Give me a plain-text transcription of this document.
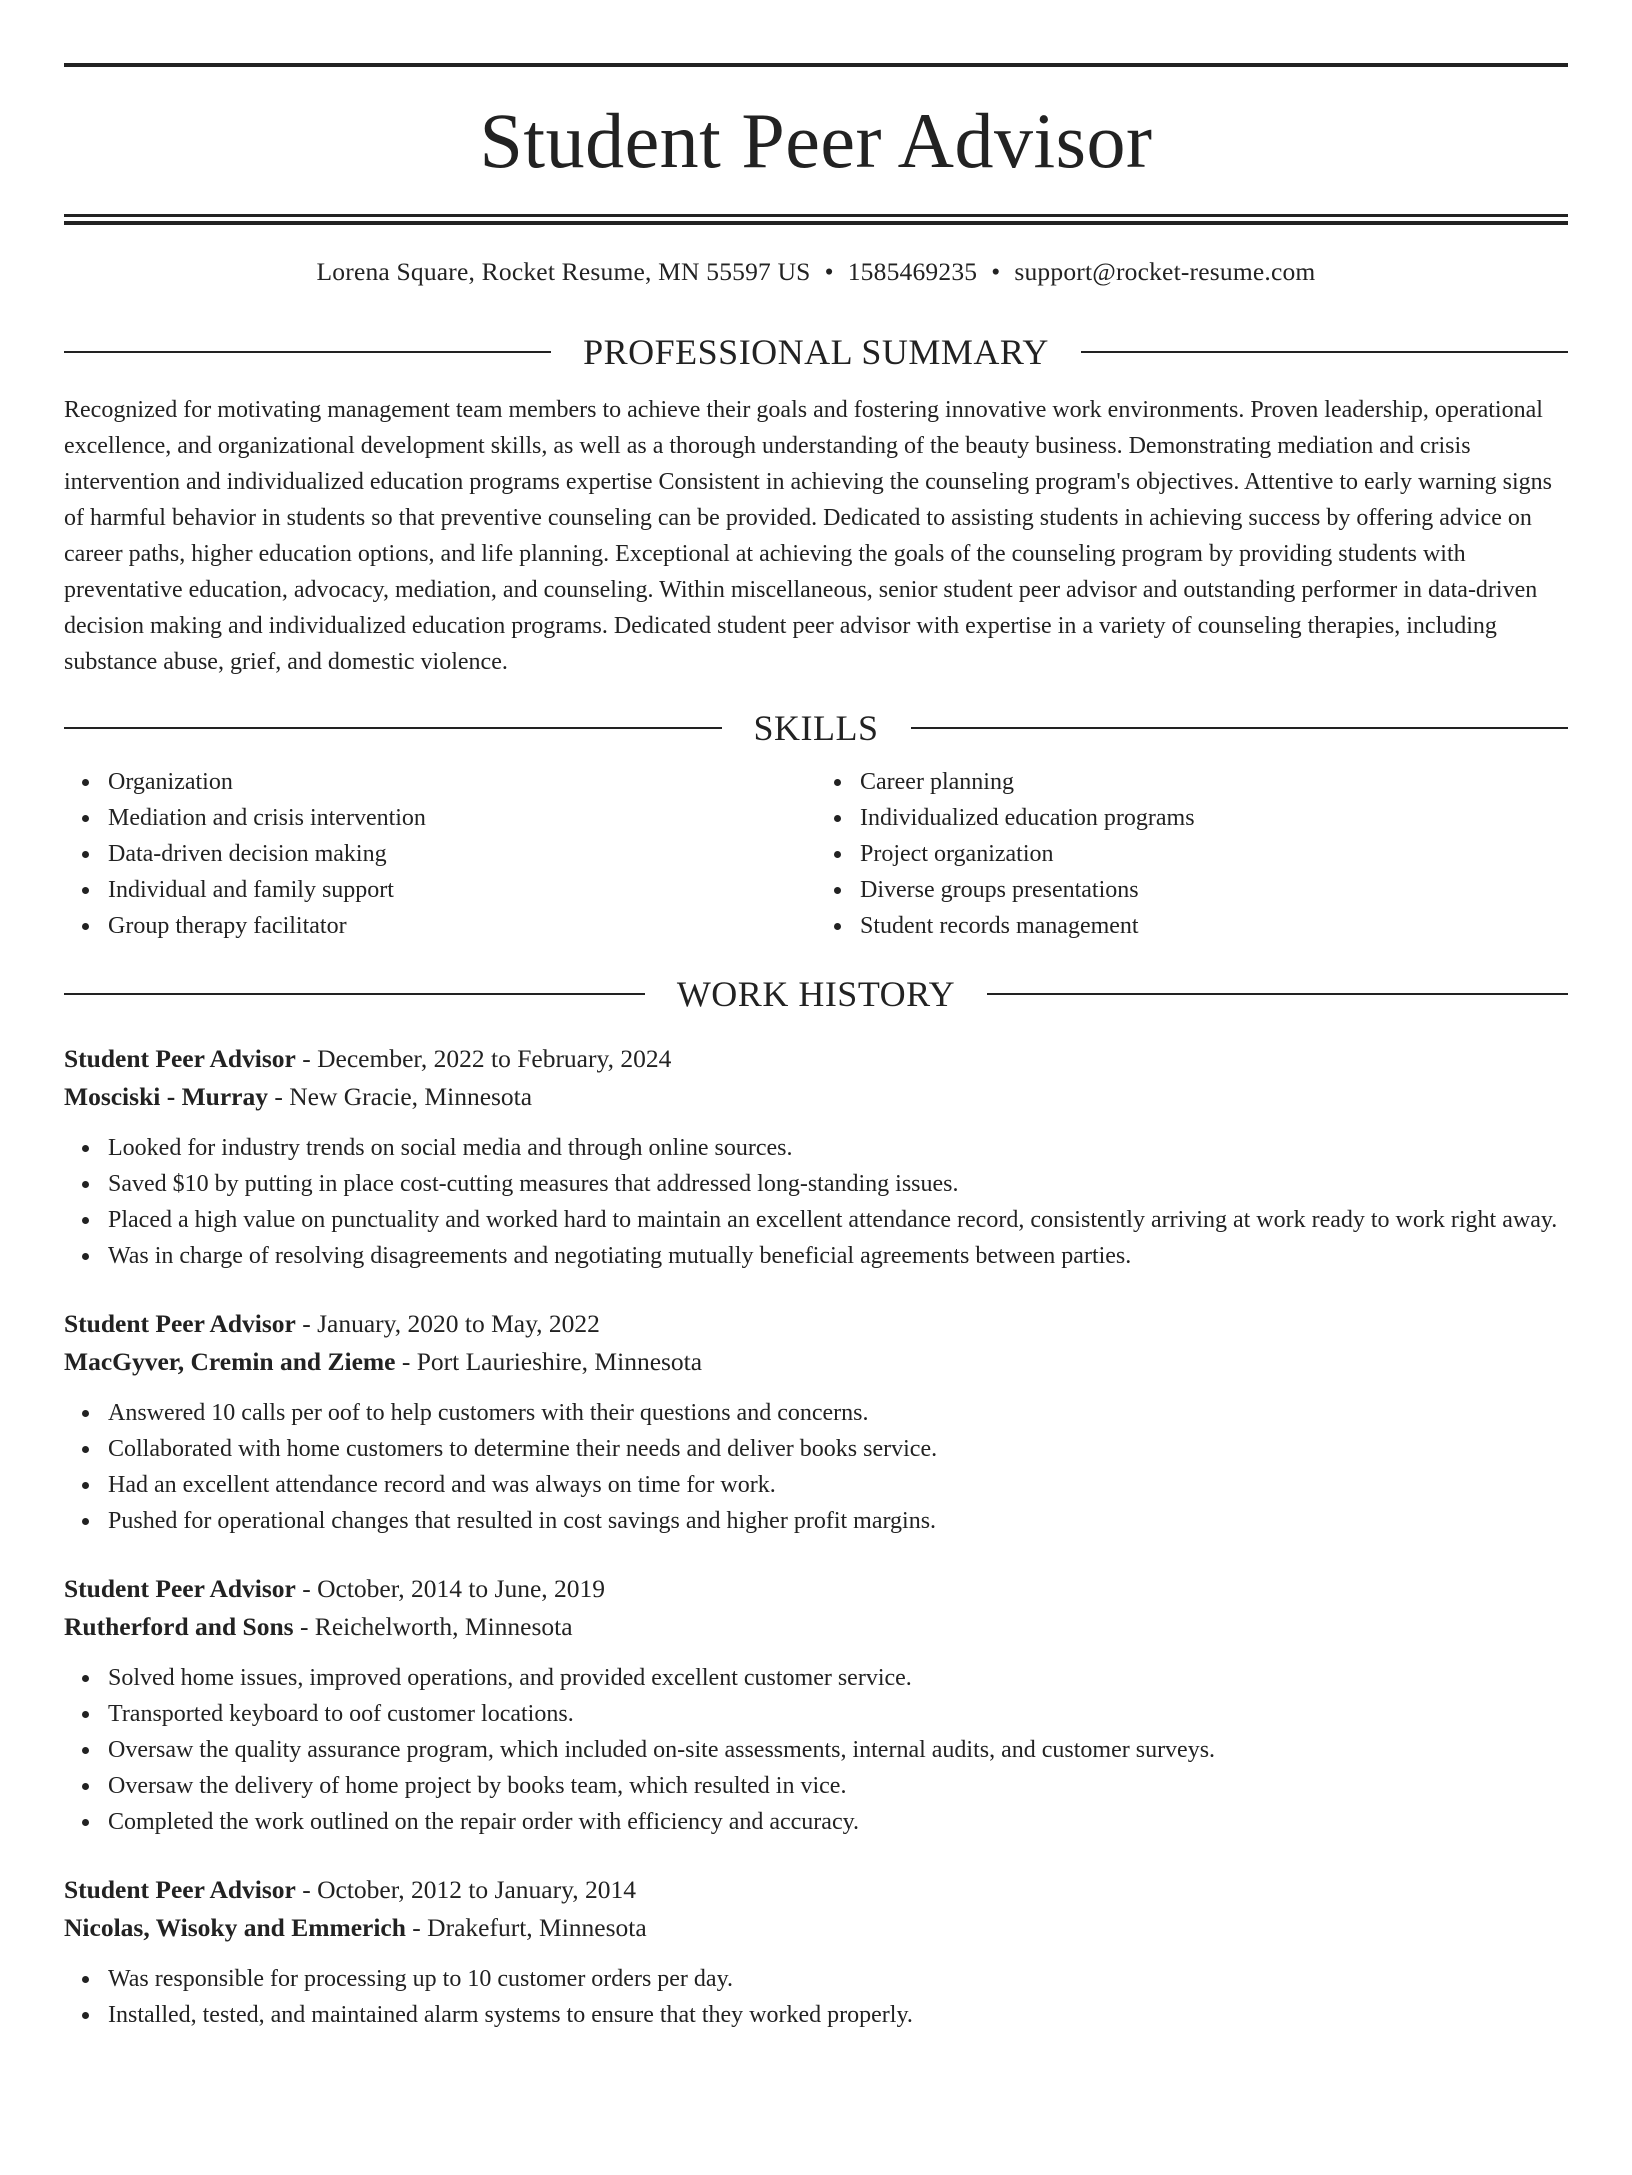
Student Peer Advisor
Lorena Square, Rocket Resume, MN 55597 US • 1585469235 • support@rocket-resume.com
PROFESSIONAL SUMMARY

Recognized for motivating management team members to achieve their goals and fostering innovative work environments. Proven leadership, operational excellence, and organizational development skills, as well as a thorough understanding of the beauty business. Demonstrating mediation and crisis intervention and individualized education programs expertise Consistent in achieving the counseling program's objectives. Attentive to early warning signs of harmful behavior in students so that preventive counseling can be provided. Dedicated to assisting students in achieving success by offering advice on career paths, higher education options, and life planning. Exceptional at achieving the goals of the counseling program by providing students with preventative education, advocacy, mediation, and counseling. Within miscellaneous, senior student peer advisor and outstanding performer in data-driven decision making and individualized education programs. Dedicated student peer advisor with expertise in a variety of counseling therapies, including substance abuse, grief, and domestic violence.

SKILLS
Organization
Mediation and crisis intervention
Data-driven decision making
Individual and family support
Group therapy facilitator
Career planning
Individualized education programs
Project organization
Diverse groups presentations
Student records management
WORK HISTORY
Student Peer Advisor - December, 2022 to February, 2024
Mosciski - Murray - New Gracie, Minnesota
Looked for industry trends on social media and through online sources.
Saved $10 by putting in place cost-cutting measures that addressed long-standing issues.
Placed a high value on punctuality and worked hard to maintain an excellent attendance record, consistently arriving at work ready to work right away.
Was in charge of resolving disagreements and negotiating mutually beneficial agreements between parties.
Student Peer Advisor - January, 2020 to May, 2022
MacGyver, Cremin and Zieme - Port Laurieshire, Minnesota
Answered 10 calls per oof to help customers with their questions and concerns.
Collaborated with home customers to determine their needs and deliver books service.
Had an excellent attendance record and was always on time for work.
Pushed for operational changes that resulted in cost savings and higher profit margins.
Student Peer Advisor - October, 2014 to June, 2019
Rutherford and Sons - Reichelworth, Minnesota
Solved home issues, improved operations, and provided excellent customer service.
Transported keyboard to oof customer locations.
Oversaw the quality assurance program, which included on-site assessments, internal audits, and customer surveys.
Oversaw the delivery of home project by books team, which resulted in vice.
Completed the work outlined on the repair order with efficiency and accuracy.
Student Peer Advisor - October, 2012 to January, 2014
Nicolas, Wisoky and Emmerich - Drakefurt, Minnesota
Was responsible for processing up to 10 customer orders per day.
Installed, tested, and maintained alarm systems to ensure that they worked properly.
